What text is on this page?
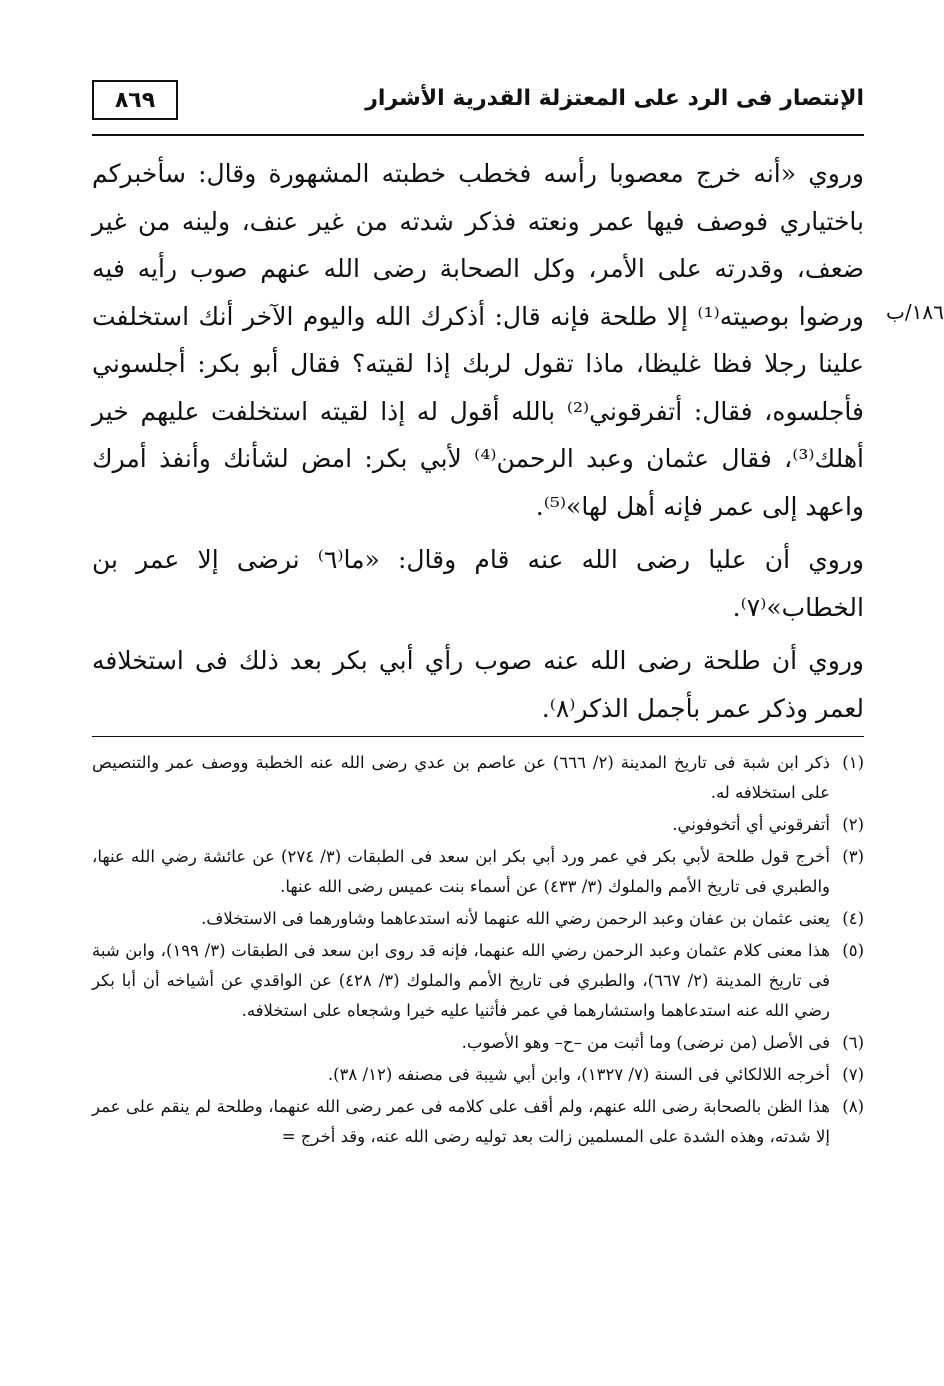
٨٦٩	الإنتصار فى الرد على المعتزلة القدرية الأشرار
١٨٦/ب

وروي «أنه خرج معصوبا رأسه فخطب خطبته المشهورة وقال: سأخبركم باختياري فوصف فيها عمر ونعته فذكر شدته من غير عنف، ولينه من غير ضعف، وقدرته على الأمر، وكل الصحابة رضى الله عنهم صوب رأيه فيه ورضوا بوصيته⁽¹⁾ إلا طلحة فإنه قال: أذكرك الله واليوم الآخر أنك استخلفت علينا رجلا فظا غليظا، ماذا تقول لربك إذا لقيته؟ فقال أبو بكر: أجلسوني فأجلسوه، فقال: أتفرقوني⁽²⁾ بالله أقول له إذا لقيته استخلفت عليهم خير أهلك⁽³⁾، فقال عثمان وعبد الرحمن⁽⁴⁾ لأبي بكر: امض لشأنك وأنفذ أمرك واعهد إلى عمر فإنه أهل لها»⁽⁵⁾.

وروي أن عليا رضى الله عنه قام وقال: «ما⁽٦⁾ نرضى إلا عمر بن الخطاب»⁽٧⁾.

وروي أن طلحة رضى الله عنه صوب رأي أبي بكر بعد ذلك فى استخلافه لعمر وذكر عمر بأجمل الذكر⁽٨⁾.

(١)
ذكر ابن شبة فى تاريخ المدينة (٢/ ٦٦٦) عن عاصم بن عدي رضى الله عنه الخطبة ووصف عمر والتنصيص على استخلافه له.
(٢)
أتفرقوني أي أتخوفوني.
(٣)
أخرج قول طلحة لأبي بكر في عمر ورد أبي بكر ابن سعد فى الطبقات (٣/ ٢٧٤) عن عائشة رضي الله عنها، والطبري فى تاريخ الأمم والملوك (٣/ ٤٣٣) عن أسماء بنت عميس رضى الله عنها.
(٤)
يعنى عثمان بن عفان وعبد الرحمن رضي الله عنهما لأنه استدعاهما وشاورهما فى الاستخلاف.
(٥)
هذا معنى كلام عثمان وعبد الرحمن رضي الله عنهما، فإنه قد روى ابن سعد فى الطبقات (٣/ ١٩٩)، وابن شبة فى تاريخ المدينة (٢/ ٦٦٧)، والطبري فى تاريخ الأمم والملوك (٣/ ٤٢٨) عن الواقدي عن أشياخه أن أبا بكر رضي الله عنه استدعاهما واستشارهما في عمر فأثنيا عليه خيرا وشجعاه على استخلافه.
(٦)
فى الأصل (من نرضى) وما أثبت من –ح– وهو الأصوب.
(٧)
أخرجه اللالكائي فى السنة (٧/ ١٣٢٧)، وابن أبي شيبة فى مصنفه (١٢/ ٣٨).
(٨)
هذا الظن بالصحابة رضى الله عنهم، ولم أقف على كلامه فى عمر رضى الله عنهما، وطلحة لم ينقم على عمر إلا شدته، وهذه الشدة على المسلمين زالت بعد توليه رضى الله عنه، وقد أخرج =
